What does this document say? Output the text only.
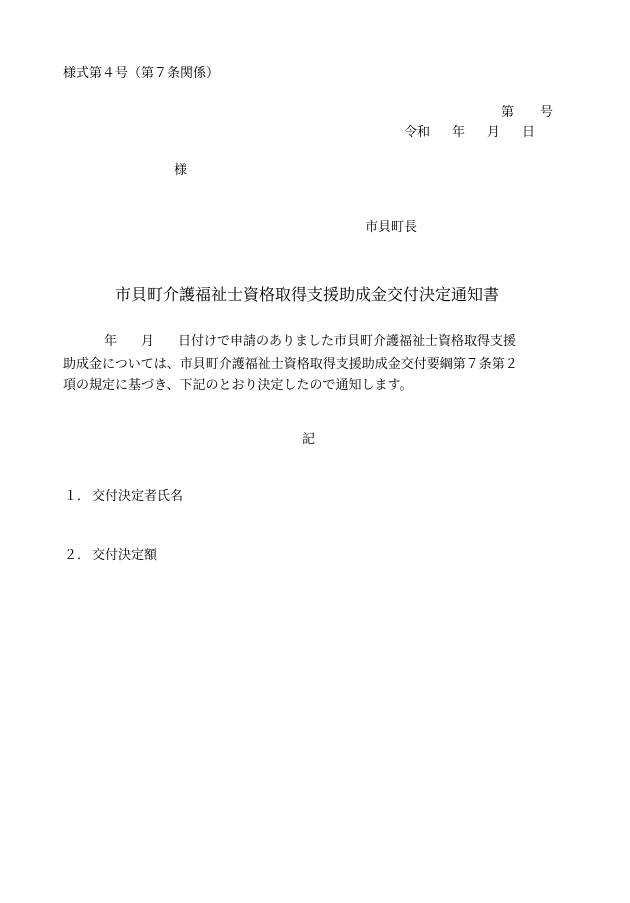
様式第４号（第７条関係）
第 号
令和 年 月 日
様
市貝町長
市貝町介護福祉士資格取得支援助成金交付決定通知書
年 月 日付けで申請のありました市貝町介護福祉士資格取得支援
助成金については、市貝町介護福祉士資格取得支援助成金交付要綱第７条第２
項の規定に基づき、下記のとおり決定したので通知します。
記
１． 交付決定者氏名
２． 交付決定額
